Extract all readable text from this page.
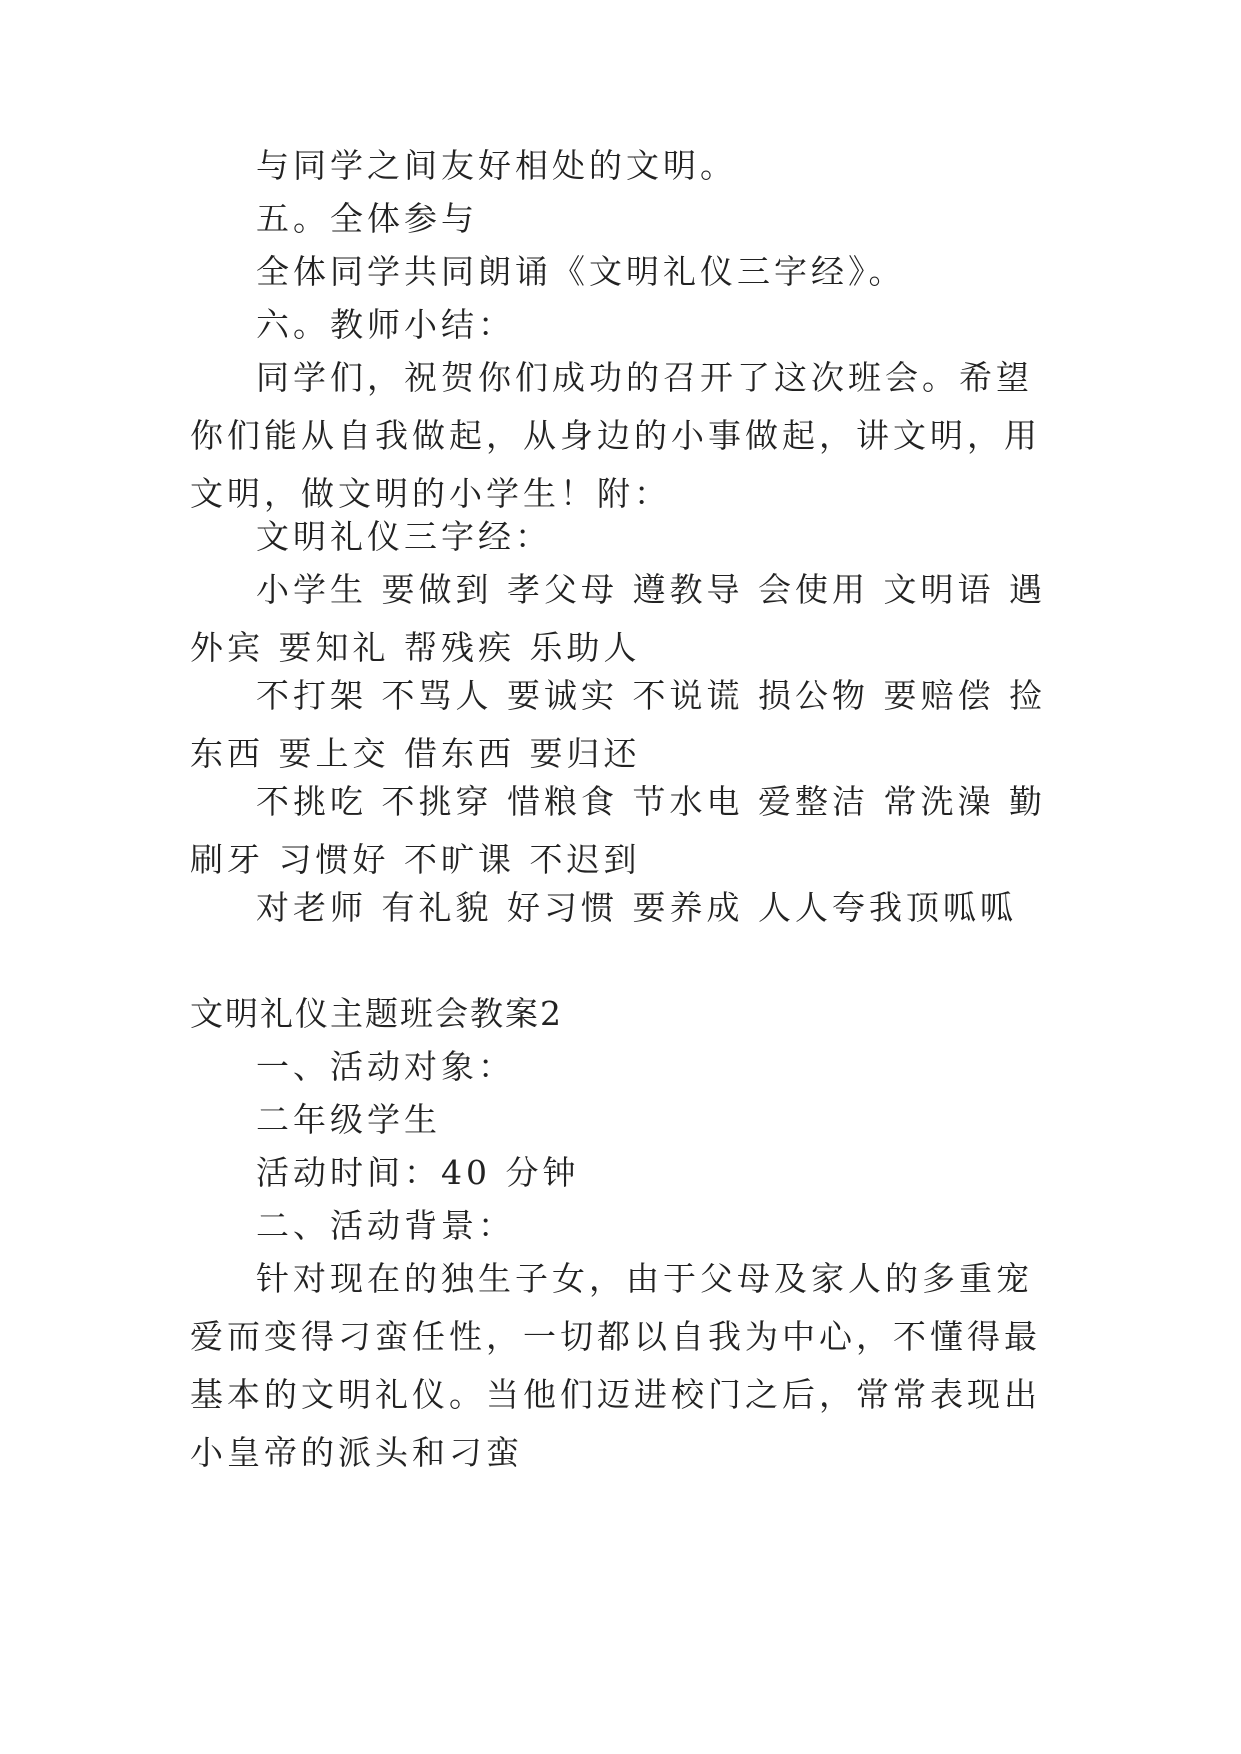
与同学之间友好相处的文明。

五。全体参与

全体同学共同朗诵《文明礼仪三字经》。

六。教师小结：

同学们，祝贺你们成功的召开了这次班会。希望你们能从自我做起，从身边的小事做起，讲文明，用文明，做文明的小学生！附：

文明礼仪三字经：

小学生 要做到 孝父母 遵教导 会使用 文明语 遇外宾 要知礼 帮残疾 乐助人

不打架 不骂人 要诚实 不说谎 损公物 要赔偿 捡东西 要上交 借东西 要归还

不挑吃 不挑穿 惜粮食 节水电 爱整洁 常洗澡 勤刷牙 习惯好 不旷课 不迟到

对老师 有礼貌 好习惯 要养成 人人夸我顶呱呱

文明礼仪主题班会教案2

一、活动对象：

二年级学生

活动时间：40 分钟

二、活动背景：

针对现在的独生子女，由于父母及家人的多重宠爱而变得刁蛮任性，一切都以自我为中心，不懂得最基本的文明礼仪。当他们迈进校门之后，常常表现出小皇帝的派头和刁蛮
